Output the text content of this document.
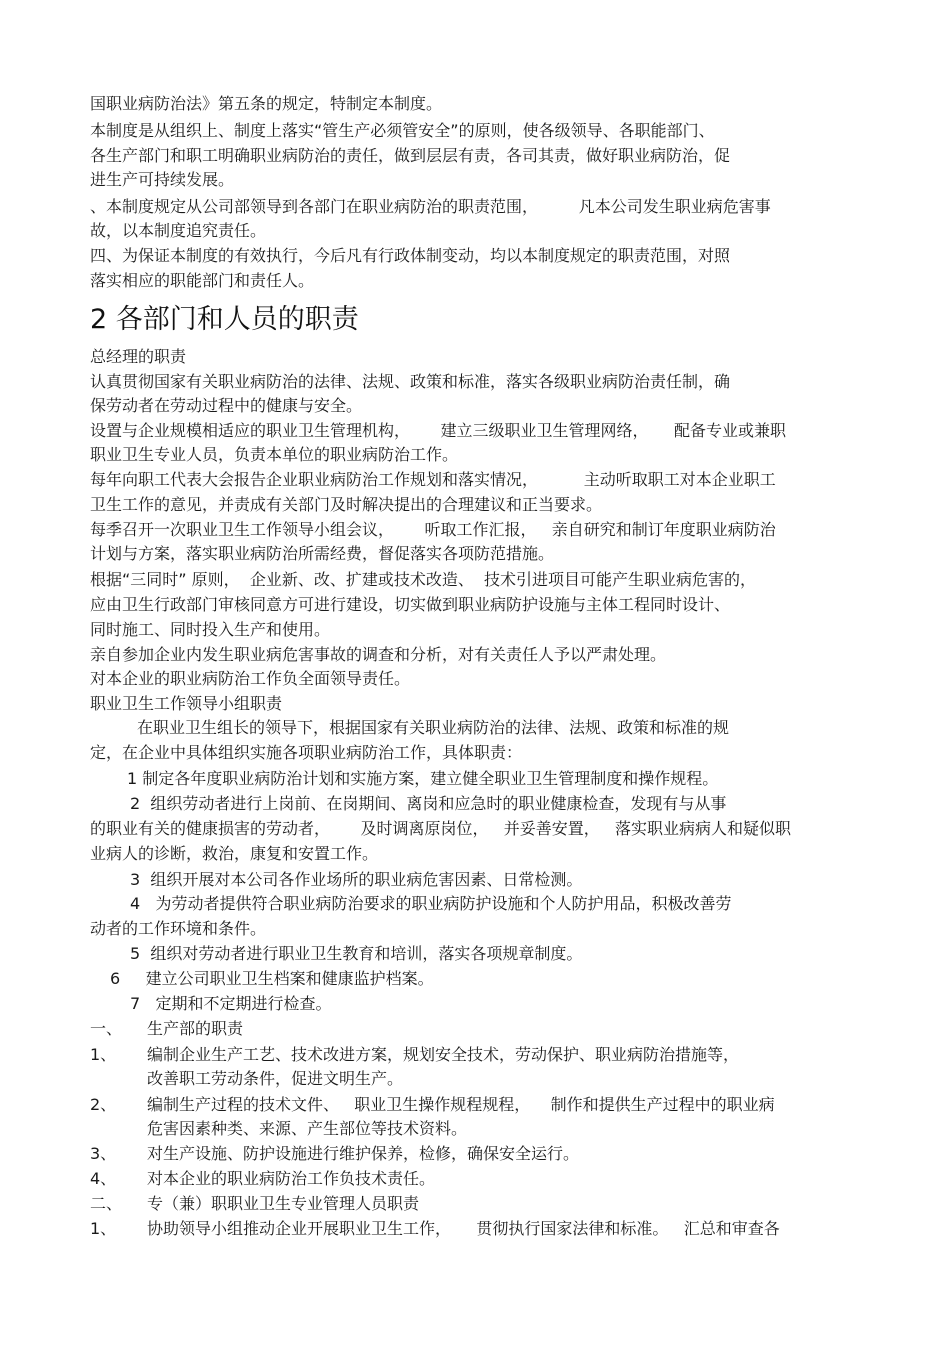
国职业病防治法》第五条的规定，特制定本制度。
本制度是从组织上、制度上落实“管生产必须管安全”的原则，使各级领导、各职能部门、
各生产部门和职工明确职业病防治的责任，做到层层有责，各司其责，做好职业病防治，促
进生产可持续发展。
、本制度规定从公司部领导到各部门在职业病防治的职责范围，        凡本公司发生职业病危害事
故，以本制度追究责任。
四、为保证本制度的有效执行，今后凡有行政体制变动，均以本制度规定的职责范围，对照
落实相应的职能部门和责任人。
2 各部门和人员的职责
总经理的职责
认真贯彻国家有关职业病防治的法律、法规、政策和标准，落实各级职业病防治责任制，确
保劳动者在劳动过程中的健康与安全。
设置与企业规模相适应的职业卫生管理机构，      建立三级职业卫生管理网络，     配备专业或兼职
职业卫生专业人员，负责本单位的职业病防治工作。
每年向职工代表大会报告企业职业病防治工作规划和落实情况，         主动听取职工对本企业职工
卫生工作的意见，并责成有关部门及时解决提出的合理建议和正当要求。
每季召开一次职业卫生工作领导小组会议，      听取工作汇报，   亲自研究和制订年度职业病防治
计划与方案，落实职业病防治所需经费，督促落实各项防范措施。
根据“三同时” 原则，  企业新、改、扩建或技术改造、  技术引进项目可能产生职业病危害的，
应由卫生行政部门审核同意方可进行建设，切实做到职业病防护设施与主体工程同时设计、
同时施工、同时投入生产和使用。
亲自参加企业内发生职业病危害事故的调查和分析，对有关责任人予以严肃处理。
对本企业的职业病防治工作负全面领导责任。
职业卫生工作领导小组职责
在职业卫生组长的领导下，根据国家有关职业病防治的法律、法规、政策和标准的规
定，在企业中具体组织实施各项职业病防治工作，具体职责：
1 制定各年度职业病防治计划和实施方案，建立健全职业卫生管理制度和操作规程。
2  组织劳动者进行上岗前、在岗期间、离岗和应急时的职业健康检查，发现有与从事
的职业有关的健康损害的劳动者，      及时调离原岗位，   并妥善安置，   落实职业病病人和疑似职
业病人的诊断，救治，康复和安置工作。
3  组织开展对本公司各作业场所的职业病危害因素、日常检测。
4   为劳动者提供符合职业病防治要求的职业病防护设施和个人防护用品，积极改善劳
动者的工作环境和条件。
5  组织对劳动者进行职业卫生教育和培训，落实各项规章制度。
6     建立公司职业卫生档案和健康监护档案。
7   定期和不定期进行检查。
一、 生产部的职责
1、 编制企业生产工艺、技术改进方案，规划安全技术，劳动保护、职业病防治措施等，
改善职工劳动条件，促进文明生产。
2、 编制生产过程的技术文件、   职业卫生操作规程规程，    制作和提供生产过程中的职业病
危害因素种类、来源、产生部位等技术资料。
3、 对生产设施、防护设施进行维护保养，检修，确保安全运行。
4、 对本企业的职业病防治工作负技术责任。
二、 专（兼）职职业卫生专业管理人员职责
1、 协助领导小组推动企业开展职业卫生工作，     贯彻执行国家法律和标准。   汇总和审查各
